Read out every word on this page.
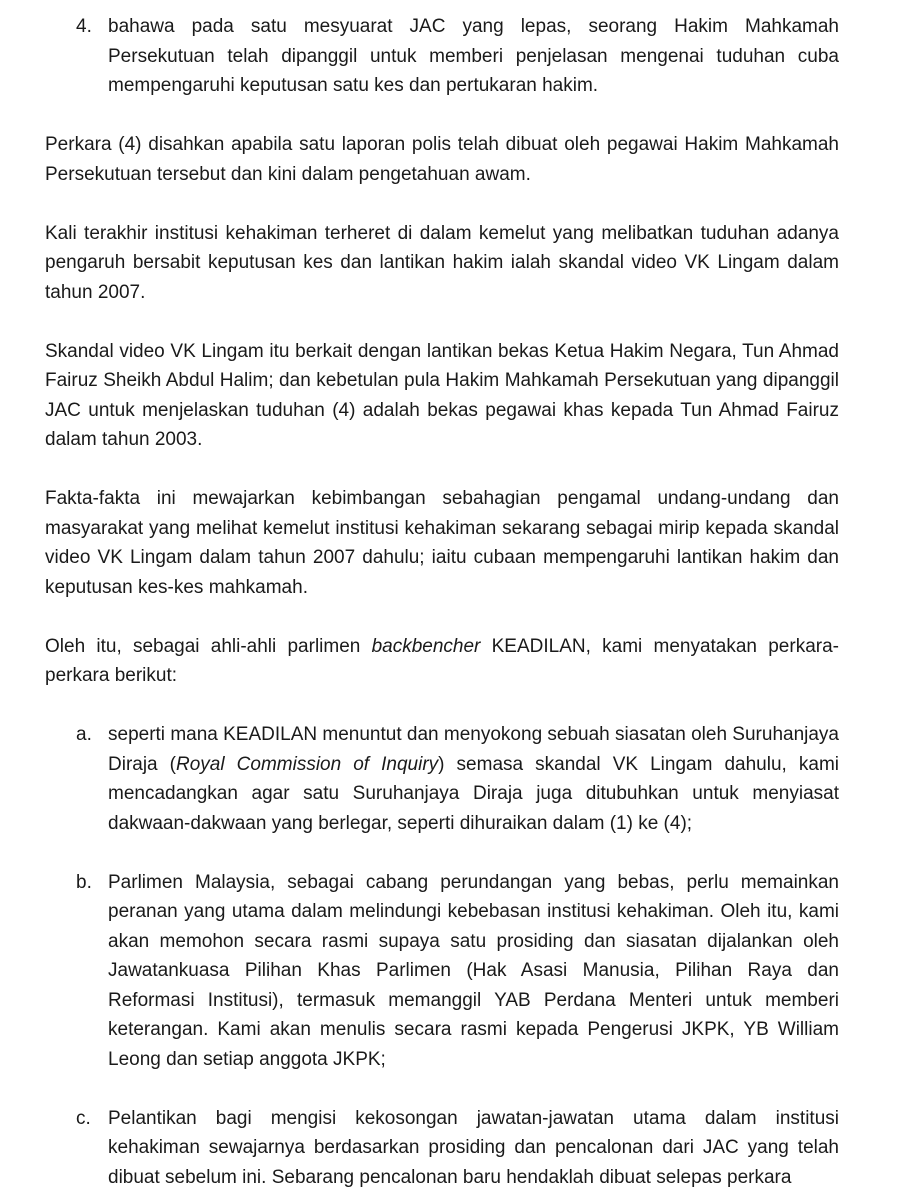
4. bahawa pada satu mesyuarat JAC yang lepas, seorang Hakim Mahkamah Persekutuan telah dipanggil untuk memberi penjelasan mengenai tuduhan cuba mempengaruhi keputusan satu kes dan pertukaran hakim.

Perkara (4) disahkan apabila satu laporan polis telah dibuat oleh pegawai Hakim Mahkamah Persekutuan tersebut dan kini dalam pengetahuan awam.

Kali terakhir institusi kehakiman terheret di dalam kemelut yang melibatkan tuduhan adanya pengaruh bersabit keputusan kes dan lantikan hakim ialah skandal video VK Lingam dalam tahun 2007.

Skandal video VK Lingam itu berkait dengan lantikan bekas Ketua Hakim Negara, Tun Ahmad Fairuz Sheikh Abdul Halim; dan kebetulan pula Hakim Mahkamah Persekutuan yang dipanggil JAC untuk menjelaskan tuduhan (4) adalah bekas pegawai khas kepada Tun Ahmad Fairuz dalam tahun 2003.

Fakta-fakta ini mewajarkan kebimbangan sebahagian pengamal undang-undang dan masyarakat yang melihat kemelut institusi kehakiman sekarang sebagai mirip kepada skandal video VK Lingam dalam tahun 2007 dahulu; iaitu cubaan mempengaruhi lantikan hakim dan keputusan kes-kes mahkamah.

Oleh itu, sebagai ahli-ahli parlimen backbencher KEADILAN, kami menyatakan perkara-perkara berikut:

a. seperti mana KEADILAN menuntut dan menyokong sebuah siasatan oleh Suruhanjaya Diraja (Royal Commission of Inquiry) semasa skandal VK Lingam dahulu, kami mencadangkan agar satu Suruhanjaya Diraja juga ditubuhkan untuk menyiasat dakwaan-dakwaan yang berlegar, seperti dihuraikan dalam (1) ke (4);

b. Parlimen Malaysia, sebagai cabang perundangan yang bebas, perlu memainkan peranan yang utama dalam melindungi kebebasan institusi kehakiman. Oleh itu, kami akan memohon secara rasmi supaya satu prosiding dan siasatan dijalankan oleh Jawatankuasa Pilihan Khas Parlimen (Hak Asasi Manusia, Pilihan Raya dan Reformasi Institusi), termasuk memanggil YAB Perdana Menteri untuk memberi keterangan. Kami akan menulis secara rasmi kepada Pengerusi JKPK, YB William Leong dan setiap anggota JKPK;

c. Pelantikan bagi mengisi kekosongan jawatan-jawatan utama dalam institusi kehakiman sewajarnya berdasarkan prosiding dan pencalonan dari JAC yang telah dibuat sebelum ini. Sebarang pencalonan baru hendaklah dibuat selepas perkara
